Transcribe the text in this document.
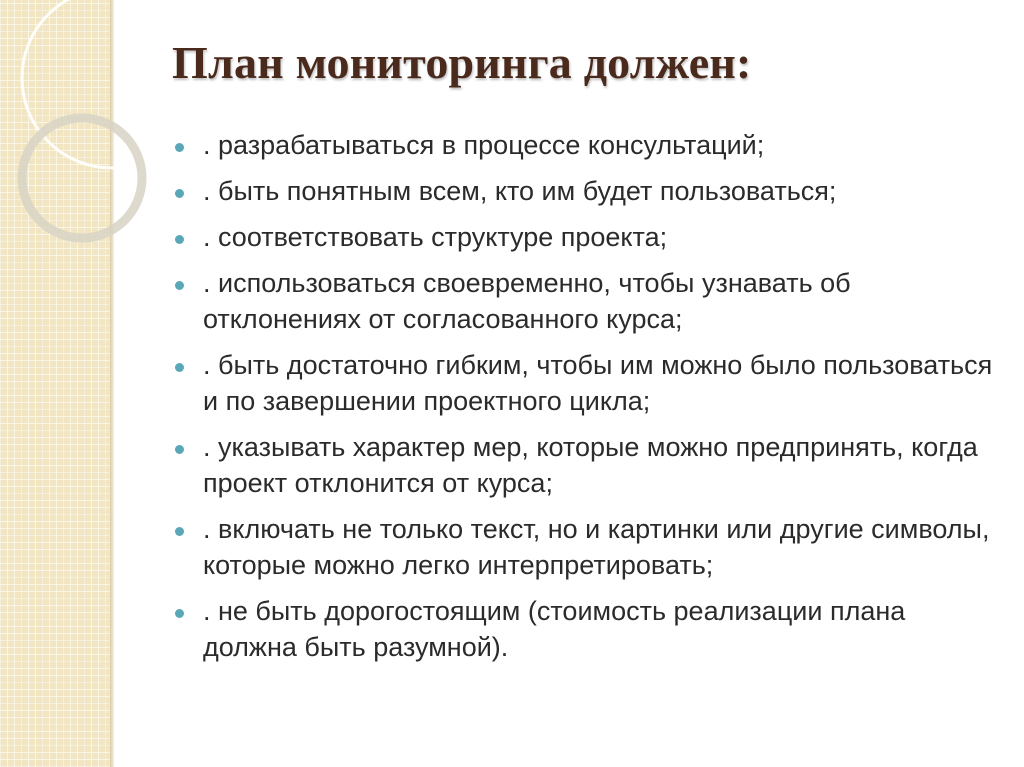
План мониторинга должен:
. разрабатываться в процессе консультаций;
. быть понятным всем, кто им будет пользоваться;
. соответствовать структуре проекта;
. использоваться своевременно, чтобы узнавать об отклонениях от согласованного курса;
. быть достаточно гибким, чтобы им можно было пользоваться и по завершении проектного цикла;
. указывать характер мер, которые можно предпринять, когда проект отклонится от курса;
. включать не только текст, но и картинки или другие символы, которые можно легко интерпретировать;
. не быть дорогостоящим (стоимость реализации плана должна быть разумной).
